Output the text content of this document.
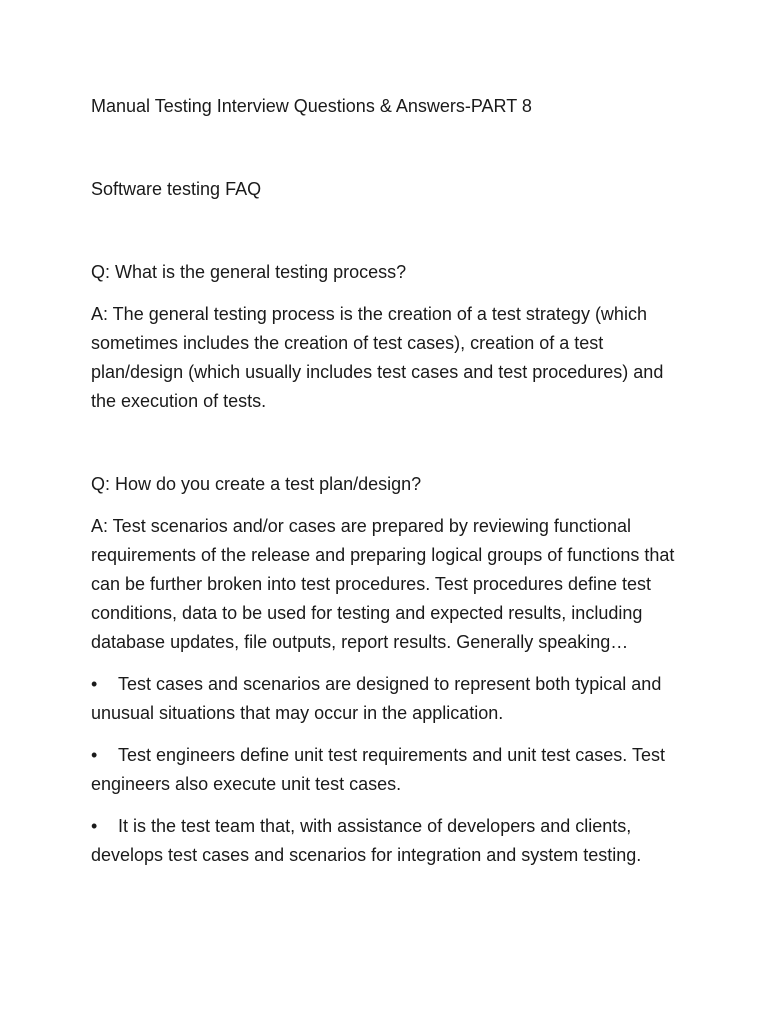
Manual Testing Interview Questions & Answers-PART 8
Software testing FAQ

Q: What is the general testing process?

A: The general testing process is the creation of a test strategy (which sometimes includes the creation of test cases), creation of a test plan/design (which usually includes test cases and test procedures) and the execution of tests.

Q: How do you create a test plan/design?

A: Test scenarios and/or cases are prepared by reviewing functional requirements of the release and preparing logical groups of functions that can be further broken into test procedures. Test procedures define test conditions, data to be used for testing and expected results, including database updates, file outputs, report results. Generally speaking…

• Test cases and scenarios are designed to represent both typical and unusual situations that may occur in the application.
• Test engineers define unit test requirements and unit test cases. Test engineers also execute unit test cases.
• It is the test team that, with assistance of developers and clients, develops test cases and scenarios for integration and system testing.
